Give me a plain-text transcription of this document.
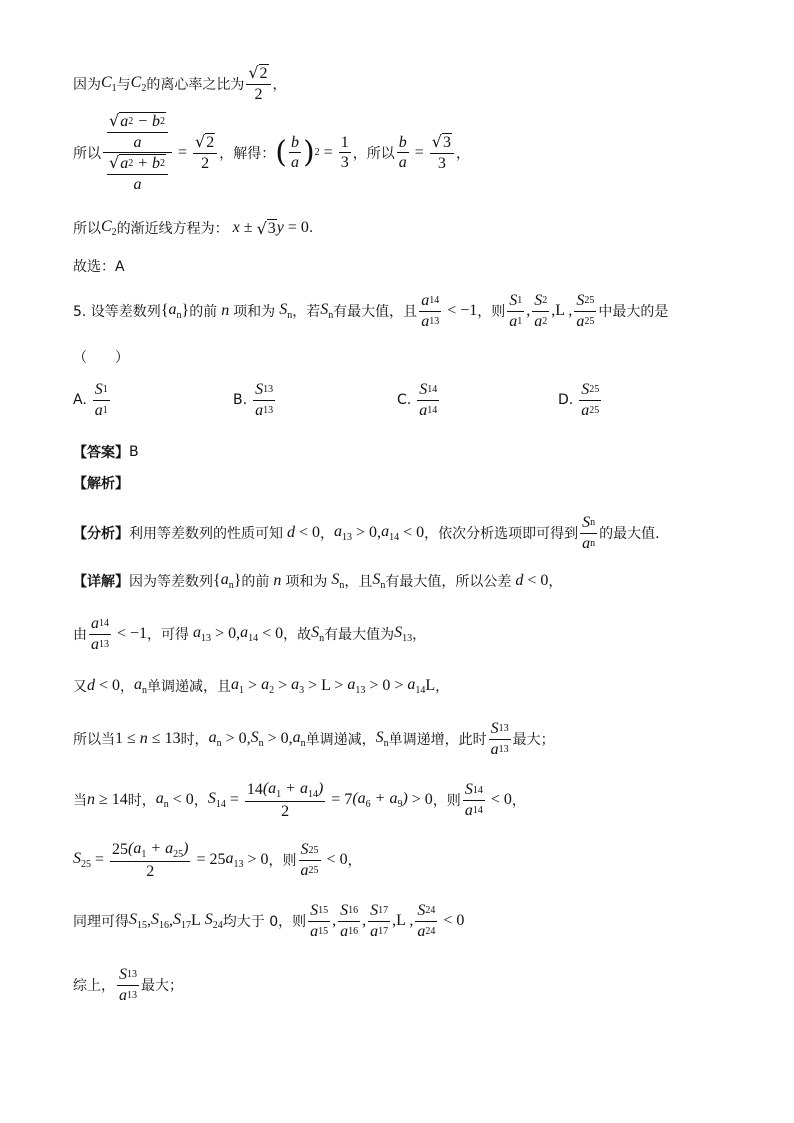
因为 $C_1$ 与 $C_2$ 的离心率之比为 $\frac{√ 2}{2}$ ，
所以 $\frac{\frac{√ a 2 - b 2}{a}}{\frac{√ a 2 + b 2}{a}} = \frac{√ 2}{2}$ ，解得： ( $\frac{b}{a}$ ) $2 = \frac{1}{3}$ ，所以 $\frac{b}{a} = \frac{√ 3}{3}$ ，
所以 $C_2$ 的渐近线方程为： x ± √ 3 y = 0 .
故选：A
5. 设等差数列 { $a_n$ } 的前 n 项和为 $S_n$ ，若 $S_n$ 有最大值，且 $\frac{a 14}{a 13} < -1$ ，则 $\frac{S 1}{a 1}$ , $\frac{S 2}{a 2} ,L$ , $\frac{S 25}{a 25}$ 中最大的是
（　　）
A. $\frac{S 1}{a 1}$	B. $\frac{S 13}{a 13}$	C. $\frac{S 14}{a 14}$	D. $\frac{S 25}{a 25}$
【答案】 B
【解析】
【分析】 利用等差数列的性质可知 d < 0 ， $a_{13} > 0$, $a_{14} < 0$ ，依次分析选项即可得到 $\frac{\text{S n}}{\text{a n}}$ 的最大值.
【详解】 因为等差数列 { $a_n$ } 的前 n 项和为 $S_n$ ，且 $S_n$ 有最大值，所以公差 d < 0 ，
由 $\frac{a 14}{a 13} < -1$ ，可得 $a_{13} > 0$, $a_{14} < 0$ ，故 $S_n$ 有最大值为 $S_{13}$ ，
又 d < 0 ， $a_n$ 单调递减，且 $a_1 > a_2 > a_3 > L > a_{13} > 0 > a_{14}$ L ，
所以当 1 ≤ n ≤ 13 时， $a_n > 0$, $S_n > 0$, $a_n$ 单调递减， $S_n$ 单调递增，此时 $\frac{S 13}{a 13}$ 最大；
当 n ≥ 14 时， $a_n < 0$ ， $S_{14} = \frac{14 (a_1 + a_{14})}{2} = 7$ $(a_6 + a_9) > 0$ ，则 $\frac{S 14}{a 14} < 0$ ，
$S_{25} = \frac{25 (a_1 + a_{25})}{2} = 25$ $a_{13} > 0$ ，则 $\frac{S 25}{a 25} < 0$ ，
同理可得 $S_{15}$ , $S_{16}$ , $S_{17}$ L $S_{24}$ 均大于 0，则 $\frac{S 15}{a 15}$ , $\frac{S 16}{a 16}$ , $\frac{S 17}{a 17} ,L$ , $\frac{S 24}{a 24} < 0$
综上， $\frac{S 13}{a 13}$ 最大；
